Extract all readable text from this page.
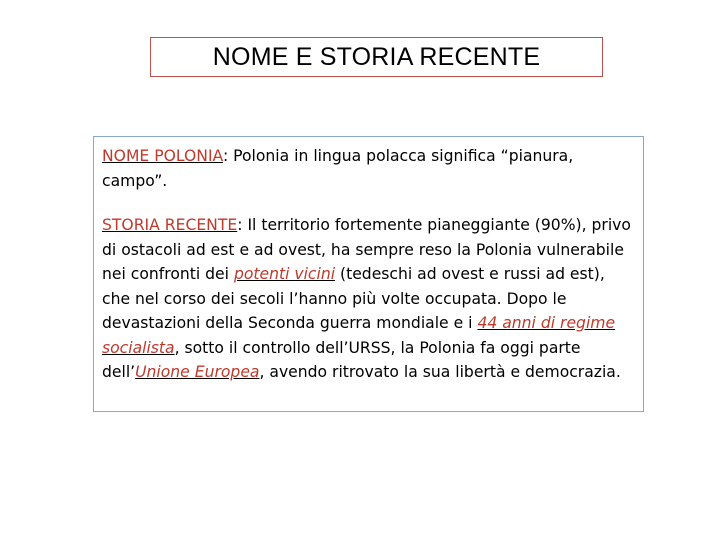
NOME E STORIA RECENTE

NOME POLONIA: Polonia in lingua polacca significa “pianura, campo”.

STORIA RECENTE: Il territorio fortemente pianeggiante (90%), privo di ostacoli ad est e ad ovest, ha sempre reso la Polonia vulnerabile nei confronti dei potenti vicini (tedeschi ad ovest e russi ad est), che nel corso dei secoli l’hanno più volte occupata. Dopo le devastazioni della Seconda guerra mondiale e i 44 anni di regime socialista, sotto il controllo dell’URSS, la Polonia fa oggi parte dell’Unione Europea, avendo ritrovato la sua libertà e democrazia.
